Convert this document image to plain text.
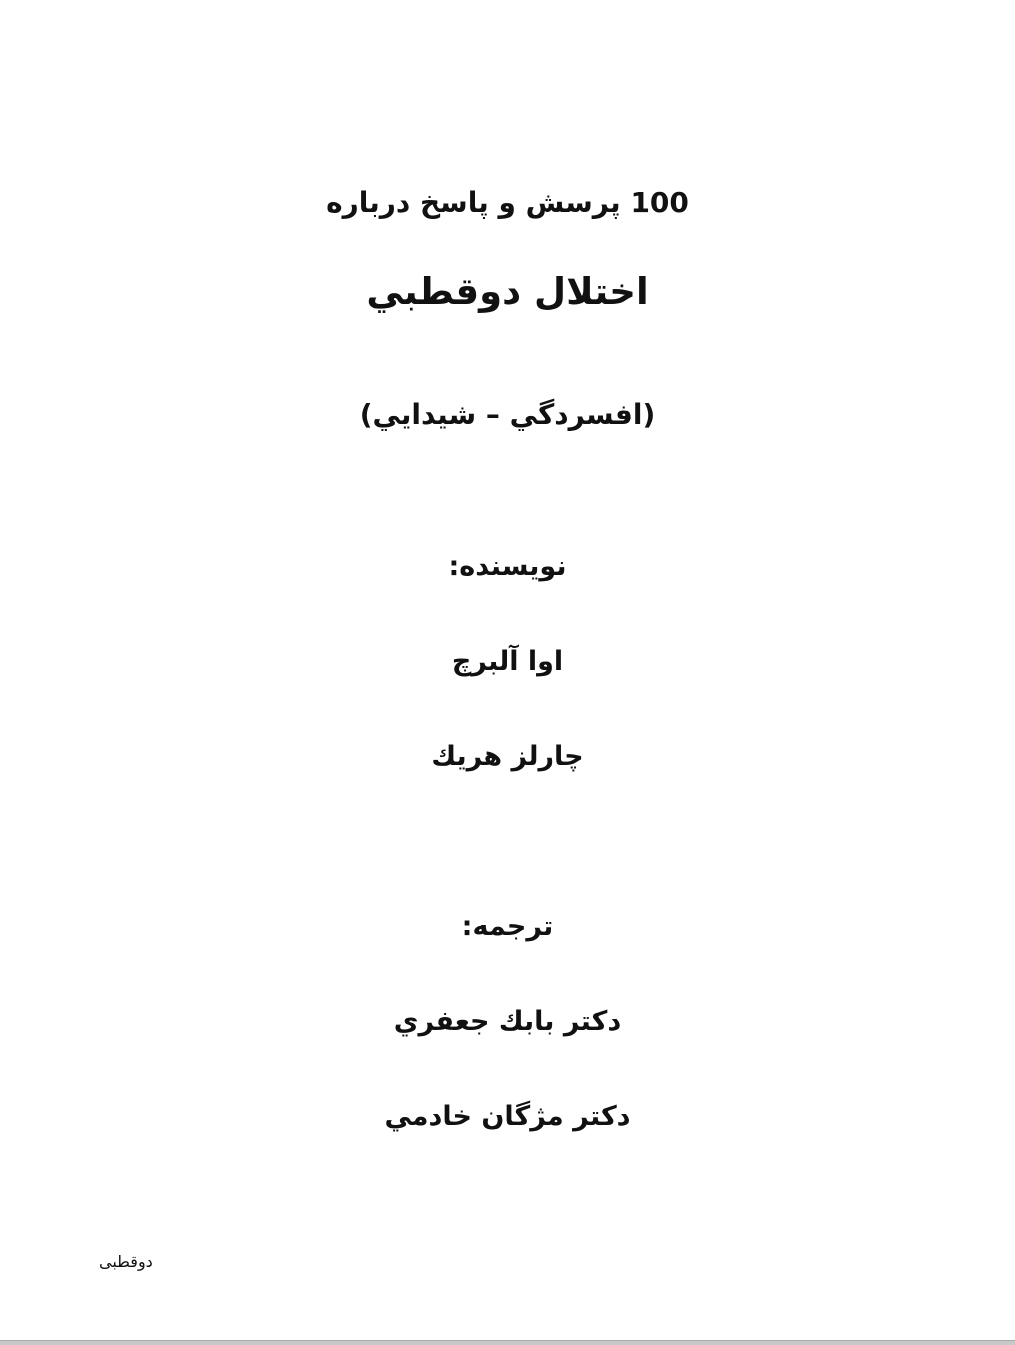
100 پرسش و پاسخ درباره
اختلال دوقطبي
(افسردگي – شيدايي)
نويسنده:
اوا آلبرچ
چارلز هريك
ترجمه:
دكتر بابك جعفري
دكتر مژگان خادمي
دوقطبی
